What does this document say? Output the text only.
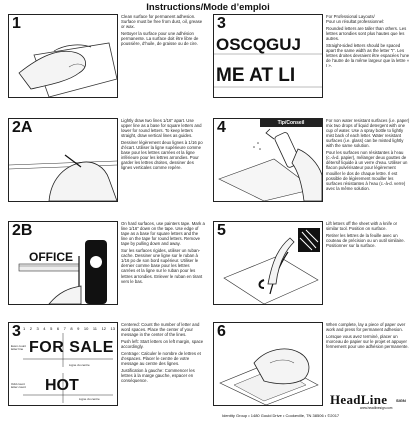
Instructions/Mode d’emploi
1	Clean surface for permanent adhesion. Surface must be free from dust, oil, grease or wax.

Nettoyer la surface pour une adhésion permanente. La surface doit être libre de poussière, d’huile, de graisse ou de cire.

2A	Lightly draw two lines 1/16" apart. Use upper line as a base for square letters and lower for round letters. To keep letters straight, draw vertical lines as guides.

Dessiner légèrement deux lignes à 1/16 po d’écart. Utiliser la ligne supérieure comme base pour les lettres carrées et la ligne inférieure pour les lettres arrondies. Pour garder les lettres droites, dessiner des lignes verticales comme repère.

2B
OFFICE

On hard surfaces, use painters tape. Mark a line 1/16" down on the tape. Use edge of tape as a base for square letters and the line on the tape for round letters. Remove tape by pulling down and away.

Sur les surfaces rigides, utiliser un ruban-cache. Dessiner une ligne sur le ruban à 1/16 po de son bord supérieur. Utiliser le dernier comme base pour les lettres carrées et la ligne sur le ruban pour les lettres arrondies. Enlever le ruban en tirant vers le bas.

3 1 2 3 4 5 6 7 8 9 10 11 12 13
Even count letter line FOR SALE
Ligne du centre
Odd count letter count HOT
Ligne du centre

Centered: Count the number of letter and word spaces. Place the center of your message in the center of the lines.

Push left: Start letters on left margin, space accordingly.

Centrage: Calculer le nombre de lettres et d’espaces. Placer le centre de votre message au centre des lignes.

Justification à gauche: Commencer les lettres à la marge gauche, espacer en conséquence.

3
OSCQGUJ
ME AT LI

For Professional Layouts/

Pour un résultat professionnel:

Rounded letters are taller than others. Les lettres arrondies sont plus hautes que les autres.

Straight-sided letters should be spaced apart the same width as the letter “I”. Les lettres droites devraient être espacées l’une de l’autre de la même largeur que la lettre « I ».

4	Tip/Conseil	For non water resistant surfaces (i.e. paper) mix two drops of liquid detergent with one cup of water. Use a spray bottle to lightly mist back of each letter. Water resistant surfaces (i.e. glass) can be misted lightly with the same solution.

Pour les surfaces non résistantes à l’eau (c.-à-d. papier), mélanger deux gouttes de détersif liquide à un verre d’eau. Utiliser un flacon pulvérisateur pour légèrement mouiller le dos de chaque lettre. Il est possible de légèrement mouiller les surfaces résistantes à l’eau (c.-à-d. verre) avec la même solution.

5	Lift letters off the sheet with a knife or similar tool. Position on surface.

Retirer les lettres de la feuille avec un couteau de précision ou un outil similaire. Positionner sur la surface.

6	When complete, lay a piece of paper over work and press for permanent adhesion.

Lorsque vous avez terminé, placer un morceau de papier sur le projet et appuyer fermement pour une adhésion permanente.

HeadLine SIGN
www.headlinesign.com
Identity Group • 1480 Gould Drive • Cookeville, TN 38506 • ©2017
